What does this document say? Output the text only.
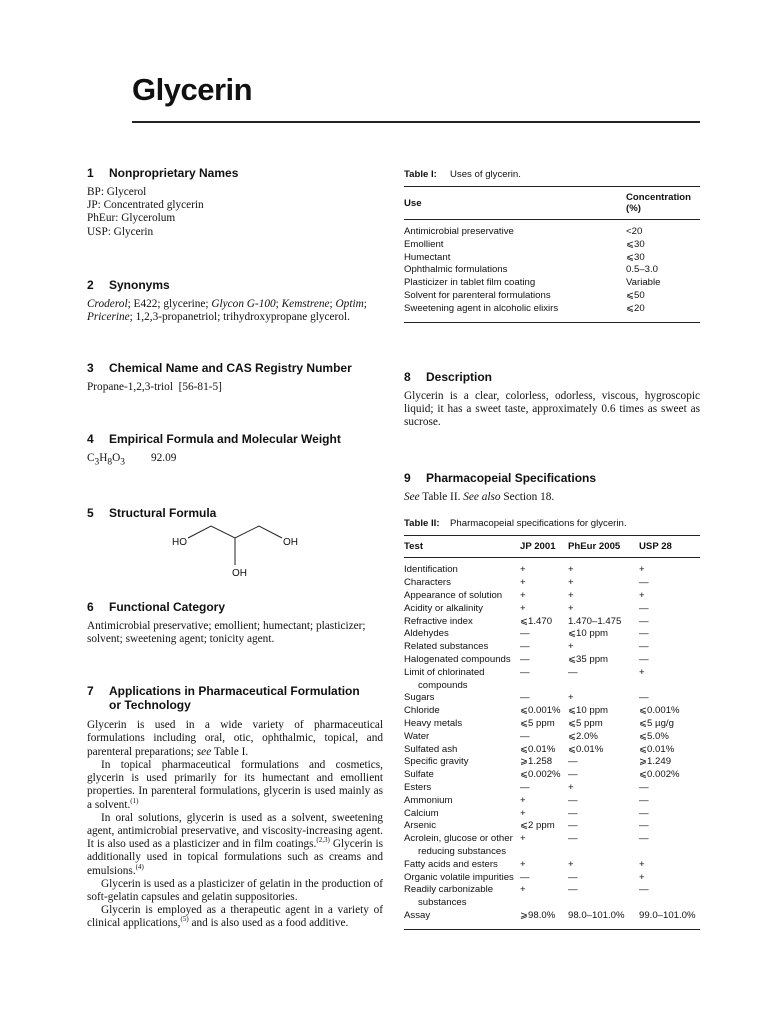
Glycerin
1 Nonproprietary Names
BP: Glycerol
JP: Concentrated glycerin
PhEur: Glycerolum
USP: Glycerin
2 Synonyms

Croderol; E422; glycerine; Glycon G-100; Kemstrene; Optim; Pricerine; 1,2,3-propanetriol; trihydroxypropane glycerol.

3 Chemical Name and CAS Registry Number

Propane-1,2,3-triol  [56-81-5]

4 Empirical Formula and Molecular Weight

$C_3H_8O_3$ 92.09

5 Structural Formula
HO	OH
OH
6 Functional Category

Antimicrobial preservative; emollient; humectant; plasticizer; solvent; sweetening agent; tonicity agent.

7 Applications in Pharmaceutical Formulation
or Technology

Glycerin is used in a wide variety of pharmaceutical formulations including oral, otic, ophthalmic, topical, and parenteral preparations; see Table I.

In topical pharmaceutical formulations and cosmetics, glycerin is used primarily for its humectant and emollient properties. In parenteral formulations, glycerin is used mainly as a solvent.$^{(1)}$

In oral solutions, glycerin is used as a solvent, sweetening agent, antimicrobial preservative, and viscosity-increasing agent. It is also used as a plasticizer and in film coatings.$^{(2,3)}$ Glycerin is additionally used in topical formulations such as creams and emulsions.$^{(4)}$

Glycerin is used as a plasticizer of gelatin in the production of soft-gelatin capsules and gelatin suppositories.

Glycerin is employed as a therapeutic agent in a variety of clinical applications,$^{(5)}$ and is also used as a food additive.

Table I: Uses of glycerin.
Use	Concentration (%)
Antimicrobial preservative	<20
Emollient	⩽30
Humectant	⩽30
Ophthalmic formulations	0.5–3.0
Plasticizer in tablet film coating	Variable
Solvent for parenteral formulations	⩽50
Sweetening agent in alcoholic elixirs	⩽20
8 Description

Glycerin is a clear, colorless, odorless, viscous, hygroscopic liquid; it has a sweet taste, approximately 0.6 times as sweet as sucrose.

9 Pharmacopeial Specifications

See Table II. See also Section 18.

Table II: Pharmacopeial specifications for glycerin.
Test	JP 2001	PhEur 2005	USP 28

Identification	+	+	+

Characters	+	+	—

Appearance of solution	+	+	+

Acidity or alkalinity	+	+	—

Refractive index	⩽1.470	1.470–1.475	—

Aldehydes	—	⩽10 ppm	—

Related substances	—	+	—

Halogenated compounds	—	⩽35 ppm	—

Limit of chlorinated compounds	—	—	+

Sugars	—	+	—

Chloride	⩽0.001%	⩽10 ppm	⩽0.001%

Heavy metals	⩽5 ppm	⩽5 ppm	⩽5 µg/g

Water	—	⩽2.0%	⩽5.0%

Sulfated ash	⩽0.01%	⩽0.01%	⩽0.01%

Specific gravity	⩾1.258	—	⩾1.249

Sulfate	⩽0.002%	—	⩽0.002%

Esters	—	+	—

Ammonium	+	—	—

Calcium	+	—	—

Arsenic	⩽2 ppm	—	—

Acrolein, glucose or other reducing substances	+	—	—

Fatty acids and esters	+	+	+

Organic volatile impurities	—	—	+

Readily carbonizable substances	+	—	—

Assay	⩾98.0%	98.0–101.0%	99.0–101.0%
